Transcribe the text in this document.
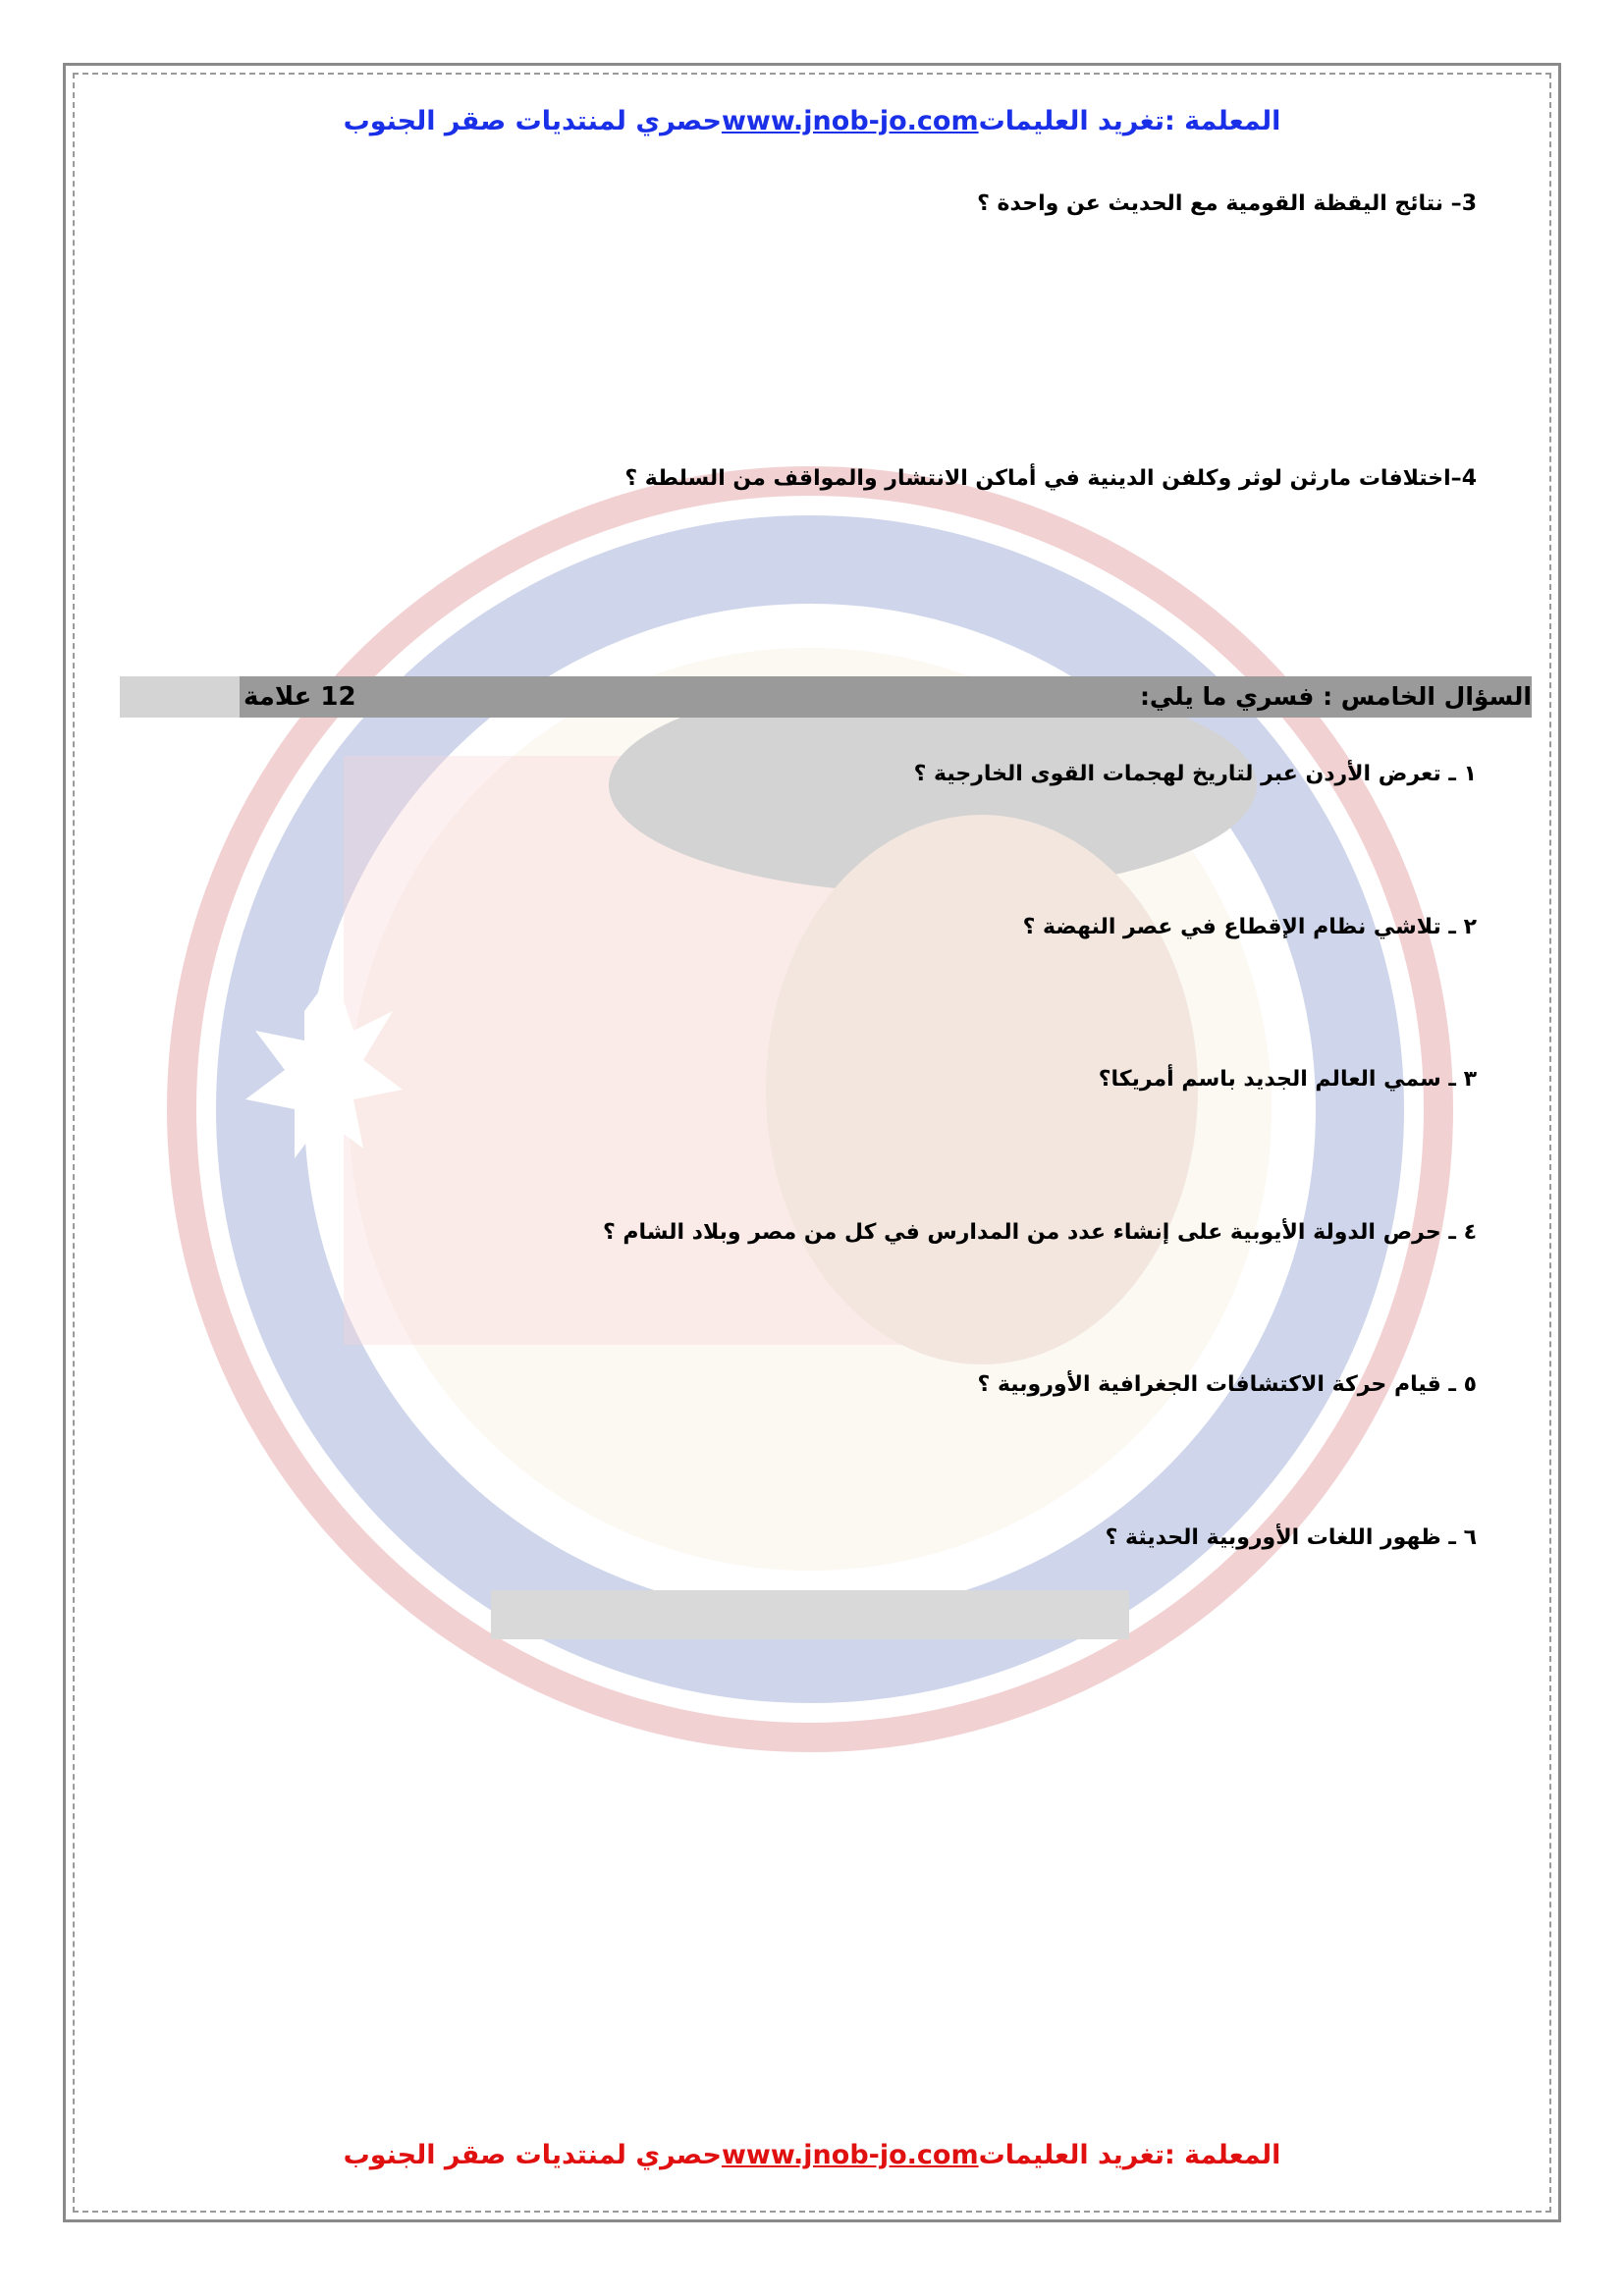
المعلمة :تغريد العليماتwww.jnob-jo.comحصري لمنتديات صقر الجنوب
3– نتائج اليقظة القومية مع الحديث عن واحدة ؟
4–اختلافات مارثن لوثر وكلفن الدينية في أماكن الانتشار والمواقف من السلطة ؟
السؤال الخامس : فسري ما يلي:
12 علامة
١ ـ تعرض الأردن عبر لتاريخ لهجمات القوى الخارجية ؟
٢ ـ تلاشي نظام الإقطاع في عصر النهضة ؟
٣ ـ سمي العالم الجديد باسم أمريكا؟
٤ ـ حرص الدولة الأيوبية على إنشاء عدد من المدارس في كل من مصر وبلاد الشام ؟
٥ ـ قيام حركة الاكتشافات الجغرافية الأوروبية ؟
٦ ـ ظهور اللغات الأوروبية الحديثة ؟
المعلمة :تغريد العليماتwww.jnob-jo.comحصري لمنتديات صقر الجنوب
